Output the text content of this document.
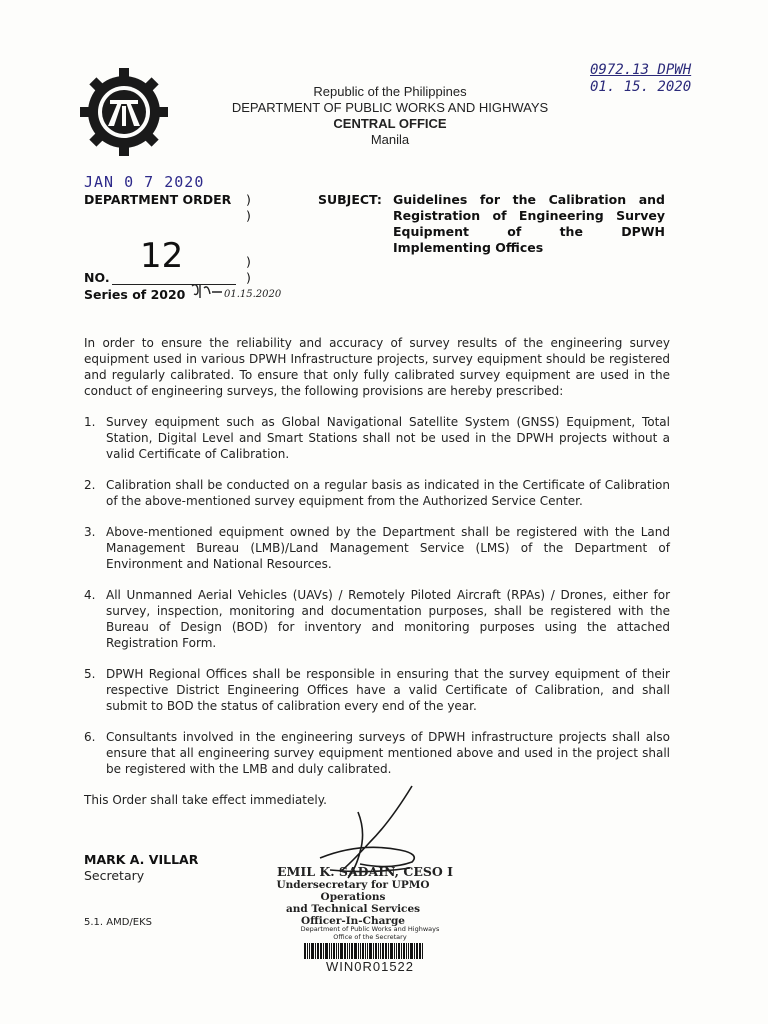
Republic of the Philippines
DEPARTMENT OF PUBLIC WORKS AND HIGHWAYS
CENTRAL OFFICE
Manila
0972.13 DPWH
01. 15. 2020
JAN 0 7 2020
DEPARTMENT ORDER )
)
12
NO.
)
)
Series of 2020	01.15.2020
SUBJECT: Guidelines for the Calibration and Registration of Engineering Survey Equipment of the DPWH Implementing Offices
In order to ensure the reliability and accuracy of survey results of the engineering survey equipment used in various DPWH Infrastructure projects, survey equipment should be registered and regularly calibrated. To ensure that only fully calibrated survey equipment are used in the conduct of engineering surveys, the following provisions are hereby prescribed:
1. Survey equipment such as Global Navigational Satellite System (GNSS) Equipment, Total Station, Digital Level and Smart Stations shall not be used in the DPWH projects without a valid Certificate of Calibration.
2. Calibration shall be conducted on a regular basis as indicated in the Certificate of Calibration of the above-mentioned survey equipment from the Authorized Service Center.
3. Above-mentioned equipment owned by the Department shall be registered with the Land Management Bureau (LMB)/Land Management Service (LMS) of the Department of Environment and National Resources.
4. All Unmanned Aerial Vehicles (UAVs) / Remotely Piloted Aircraft (RPAs) / Drones, either for survey, inspection, monitoring and documentation purposes, shall be registered with the Bureau of Design (BOD) for inventory and monitoring purposes using the attached Registration Form.
5. DPWH Regional Offices shall be responsible in ensuring that the survey equipment of their respective District Engineering Offices have a valid Certificate of Calibration, and shall submit to BOD the status of calibration every end of the year.
6. Consultants involved in the engineering surveys of DPWH infrastructure projects shall also ensure that all engineering survey equipment mentioned above and used in the project shall be registered with the LMB and duly calibrated.
This Order shall take effect immediately.
MARK A. VILLAR
Secretary	EMIL K. SADAIN, CESO I
Undersecretary for UPMO Operations
and Technical Services
Officer-In-Charge
5.1. AMD/EKS
Department of Public Works and Highways
Office of the Secretary
WIN0R01522
